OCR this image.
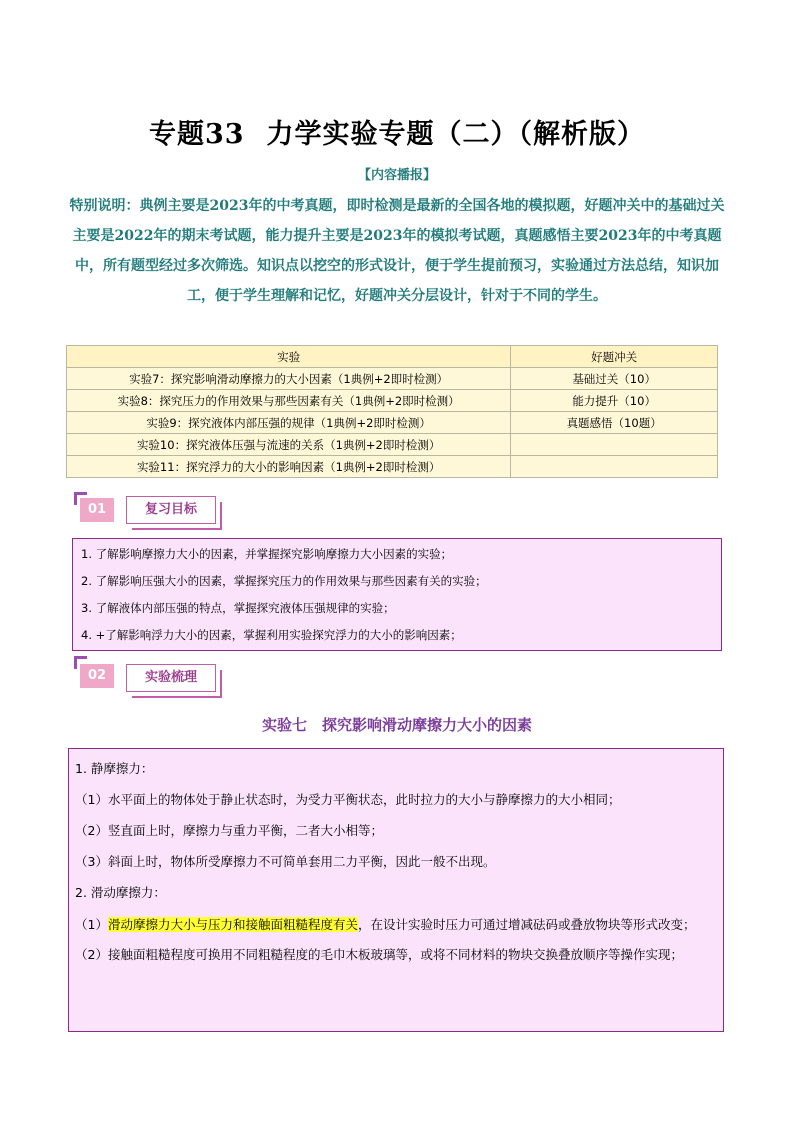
专题33 力学实验专题（二）（解析版）
【内容播报】
特别说明：典例主要是2023年的中考真题，即时检测是最新的全国各地的模拟题，好题冲关中的基础过关主要是2022年的期末考试题，能力提升主要是2023年的模拟考试题，真题感悟主要2023年的中考真题中，所有题型经过多次筛选。知识点以挖空的形式设计，便于学生提前预习，实验通过方法总结，知识加工，便于学生理解和记忆，好题冲关分层设计，针对于不同的学生。
实验	好题冲关
实验7：探究影响滑动摩擦力的大小因素（1典例+2即时检测）	基础过关（10）
实验8：探究压力的作用效果与那些因素有关（1典例+2即时检测）	能力提升（10）
实验9：探究液体内部压强的规律（1典例+2即时检测）	真题感悟（10题）
实验10：探究液体压强与流速的关系（1典例+2即时检测）	
实验11：探究浮力的大小的影响因素（1典例+2即时检测）	
01	复习目标
1. 了解影响摩擦力大小的因素，并掌握探究影响摩擦力大小因素的实验；
2. 了解影响压强大小的因素，掌握探究压力的作用效果与那些因素有关的实验；
3. 了解液体内部压强的特点，掌握探究液体压强规律的实验；
4. +了解影响浮力大小的因素，掌握利用实验探究浮力的大小的影响因素；
02	实验梳理
实验七　探究影响滑动摩擦力大小的因素
1. 静摩擦力：
（1）水平面上的物体处于静止状态时，为受力平衡状态，此时拉力的大小与静摩擦力的大小相同；
（2）竖直面上时，摩擦力与重力平衡，二者大小相等；
（3）斜面上时，物体所受摩擦力不可简单套用二力平衡，因此一般不出现。
2. 滑动摩擦力：
（1）滑动摩擦力大小与压力和接触面粗糙程度有关，在设计实验时压力可通过增减砝码或叠放物块等形式改变；
（2）接触面粗糙程度可换用不同粗糙程度的毛巾木板玻璃等，或将不同材料的物块交换叠放顺序等操作实现；
